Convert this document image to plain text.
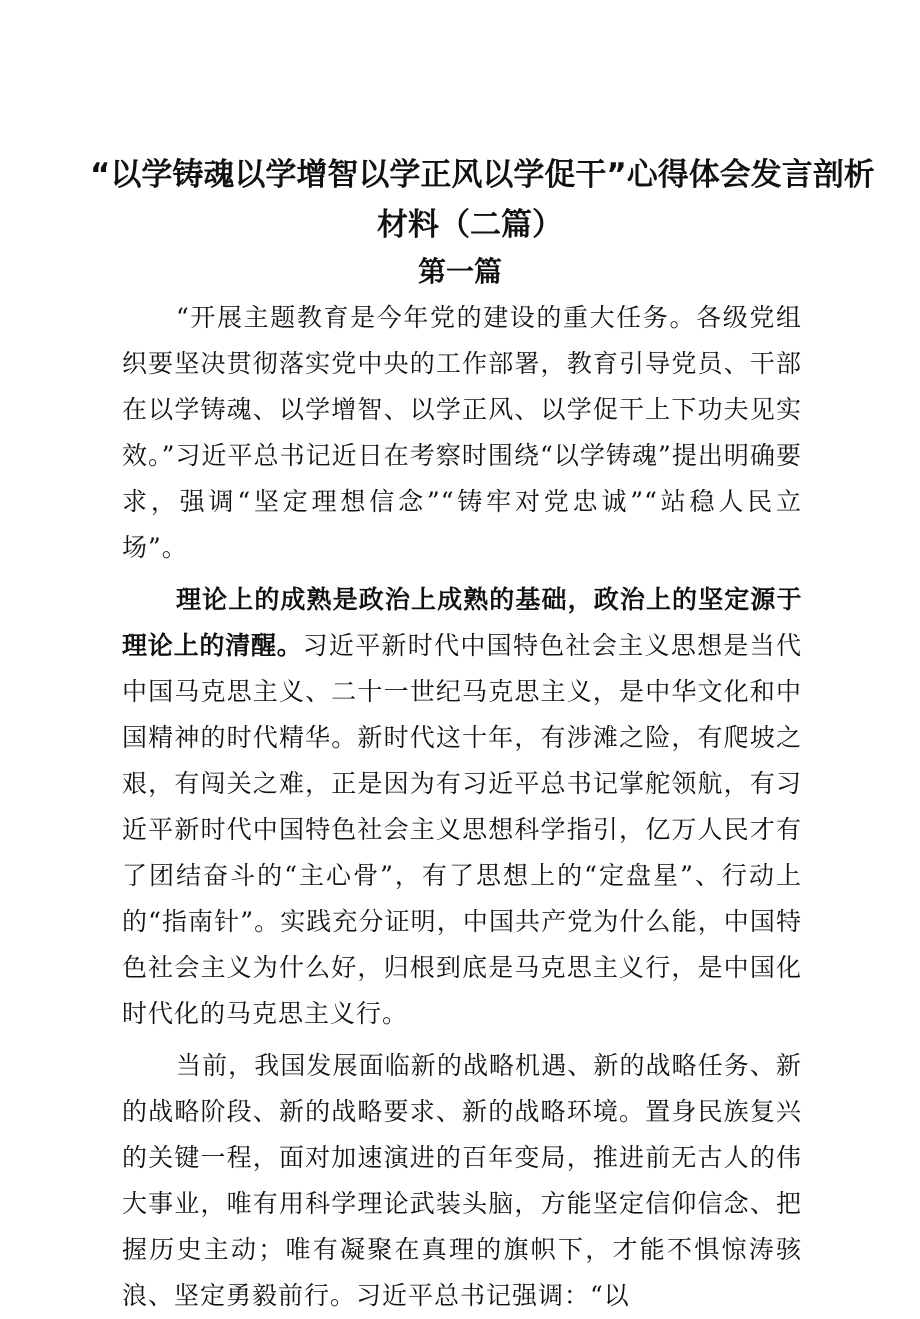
“以学铸魂以学增智以学正风以学促干”心得体会发言剖析
材料（二篇）
第一篇

“开展主题教育是今年党的建设的重大任务。各级党组织要坚决贯彻落实党中央的工作部署，教育引导党员、干部在以学铸魂、以学增智、以学正风、以学促干上下功夫见实效。”习近平总书记近日在考察时围绕“以学铸魂”提出明确要求，强调“坚定理想信念”“铸牢对党忠诚”“站稳人民立场”。

理论上的成熟是政治上成熟的基础，政治上的坚定源于理论上的清醒。习近平新时代中国特色社会主义思想是当代中国马克思主义、二十一世纪马克思主义，是中华文化和中国精神的时代精华。新时代这十年，有涉滩之险，有爬坡之艰，有闯关之难，正是因为有习近平总书记掌舵领航，有习近平新时代中国特色社会主义思想科学指引，亿万人民才有了团结奋斗的“主心骨”，有了思想上的“定盘星”、行动上的“指南针”。实践充分证明，中国共产党为什么能，中国特色社会主义为什么好，归根到底是马克思主义行，是中国化时代化的马克思主义行。

当前，我国发展面临新的战略机遇、新的战略任务、新的战略阶段、新的战略要求、新的战略环境。置身民族复兴的关键一程，面对加速演进的百年变局，推进前无古人的伟大事业，唯有用科学理论武装头脑，方能坚定信仰信念、把握历史主动；唯有凝聚在真理的旗帜下，才能不惧惊涛骇浪、坚定勇毅前行。习近平总书记强调：“以
